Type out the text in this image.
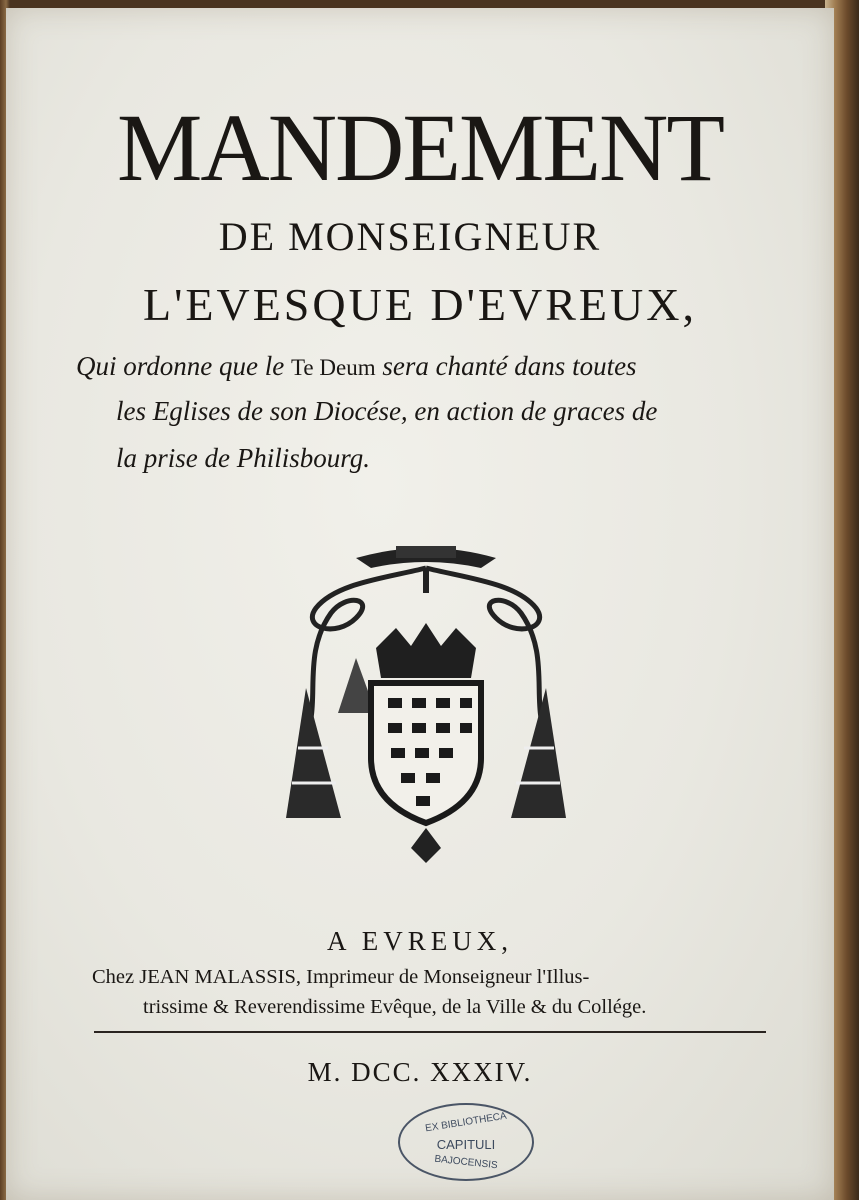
MANDEMENT
DE MONSEIGNEUR
L'EVESQUE D'EVREUX,
Qui ordonne que le Te Deum sera chanté dans toutes
les Eglises de son Diocése, en action de graces de
la prise de Philisbourg.
A EVREUX,
Chez JEAN MALASSIS, Imprimeur de Monseigneur l'Illus-
trissime & Reverendissime Evêque, de la Ville & du Collége.
M. DCC. XXXIV.
EX BIBLIOTHECA
CAPITULI
BAJOCENSIS
